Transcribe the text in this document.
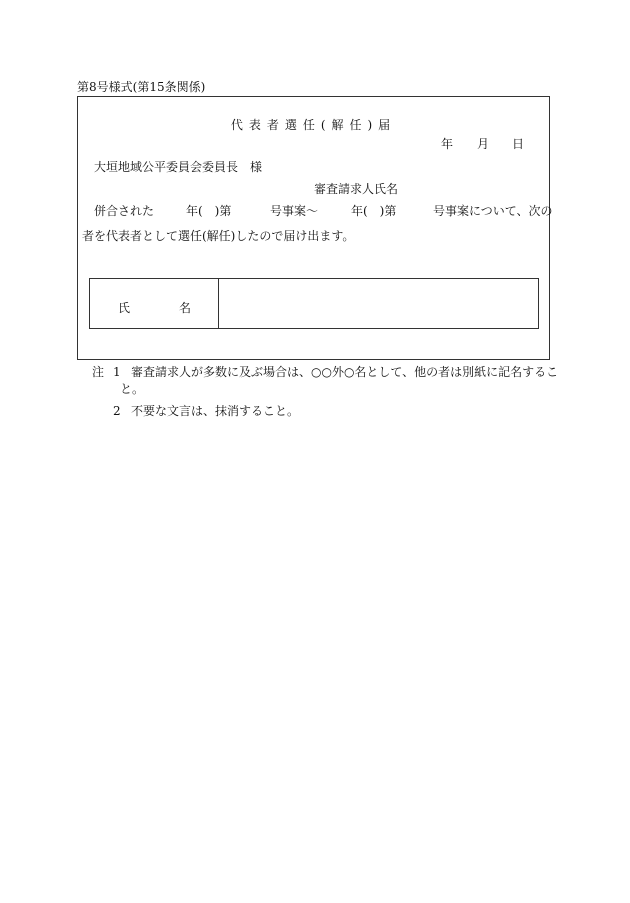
第8号様式(第15条関係)
代表者選任(解任)届
年 月 日
大垣地域公平委員会委員長　様
審査請求人氏名
併合された	年(　)第	号事案〜	年(　)第	号事案について、次の
者を代表者として選任(解任)したので届け出ます。
氏	名
注 1 審査請求人が多数に及ぶ場合は、○○外○名として、他の者は別紙に記名するこ
と。
2 不要な文言は、抹消すること。
